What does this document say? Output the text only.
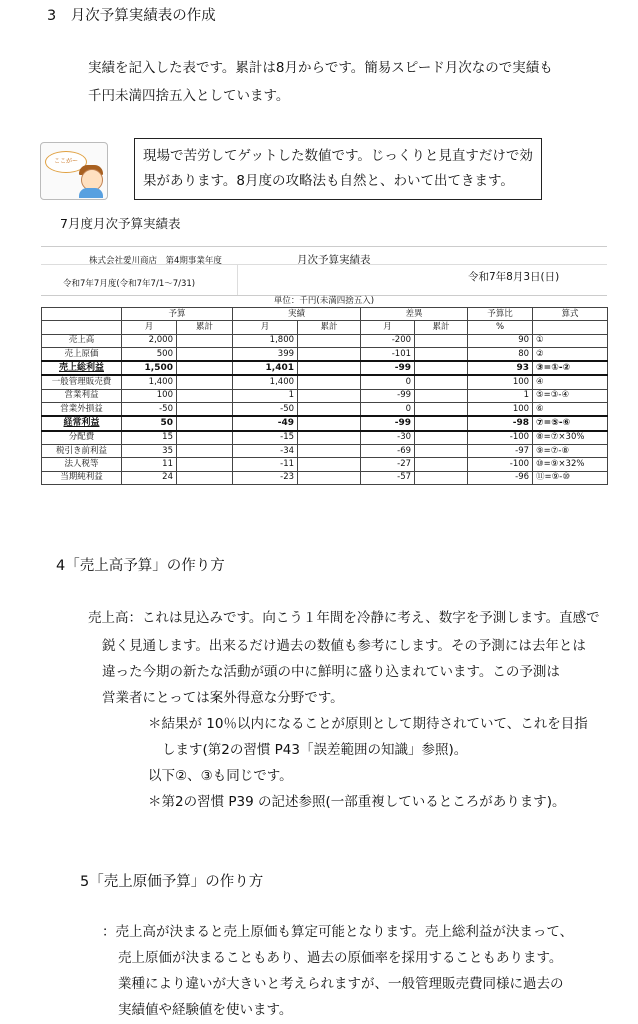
3　月次予算実績表の作成
実績を記入した表です。累計は8月からです。簡易スピード月次なので実績も
千円未満四捨五入としています。
ここがー	現場で苦労してゲットした数値です。じっくりと見直すだけで効
果があります。8月度の攻略法も自然と、わいて出てきます。
7月度月次予算実績表
株式会社愛川商店　第4期事業年度	月次予算実績表
令和7年7月度(令和7年7/1～7/31)
令和7年8月3日(日)
単位：千円(未満四捨五入)
	予算		実績		差異		予算比	算式
	月	累計	月	累計	月	累計	%	
売上高	2,000		1,800		-200		90	①
売上原価	500		399		-101		80	②
売上総利益	1,500		1,401		-99		93	③=①-②
一般管理販売費	1,400		1,400		0		100	④
営業利益	100		1		-99		1	⑤=③-④
営業外損益	-50		-50		0		100	⑥
経常利益	50		-49		-99		-98	⑦=⑤-⑥
分配費	15		-15		-30		-100	⑧=⑦×30%
税引き前利益	35		-34		-69		-97	⑨=⑦-⑧
法人税等	11		-11		-27		-100	⑩=⑨×32%
当期純利益	24		-23		-57		-96	⑪=⑨-⑩
4「売上高予算」の作り方
売上高：これは見込みです。向こう１年間を冷静に考え、数字を予測します。直感で
鋭く見通します。出来るだけ過去の数値も参考にします。その予測には去年とは
違った今期の新たな活動が頭の中に鮮明に盛り込まれています。この予測は
営業者にとっては案外得意な分野です。
＊結果が 10％以内になることが原則として期待されていて、これを目指
します(第2の習慣 P43「誤差範囲の知識」参照)。
以下②、③も同じです。
＊第2の習慣 P39 の記述参照(一部重複しているところがあります)。
5「売上原価予算」の作り方
：売上高が決まると売上原価も算定可能となります。売上総利益が決まって、
売上原価が決まることもあり、過去の原価率を採用することもあります。
業種により違いが大きいと考えられますが、一般管理販売費同様に過去の
実績値や経験値を使います。
